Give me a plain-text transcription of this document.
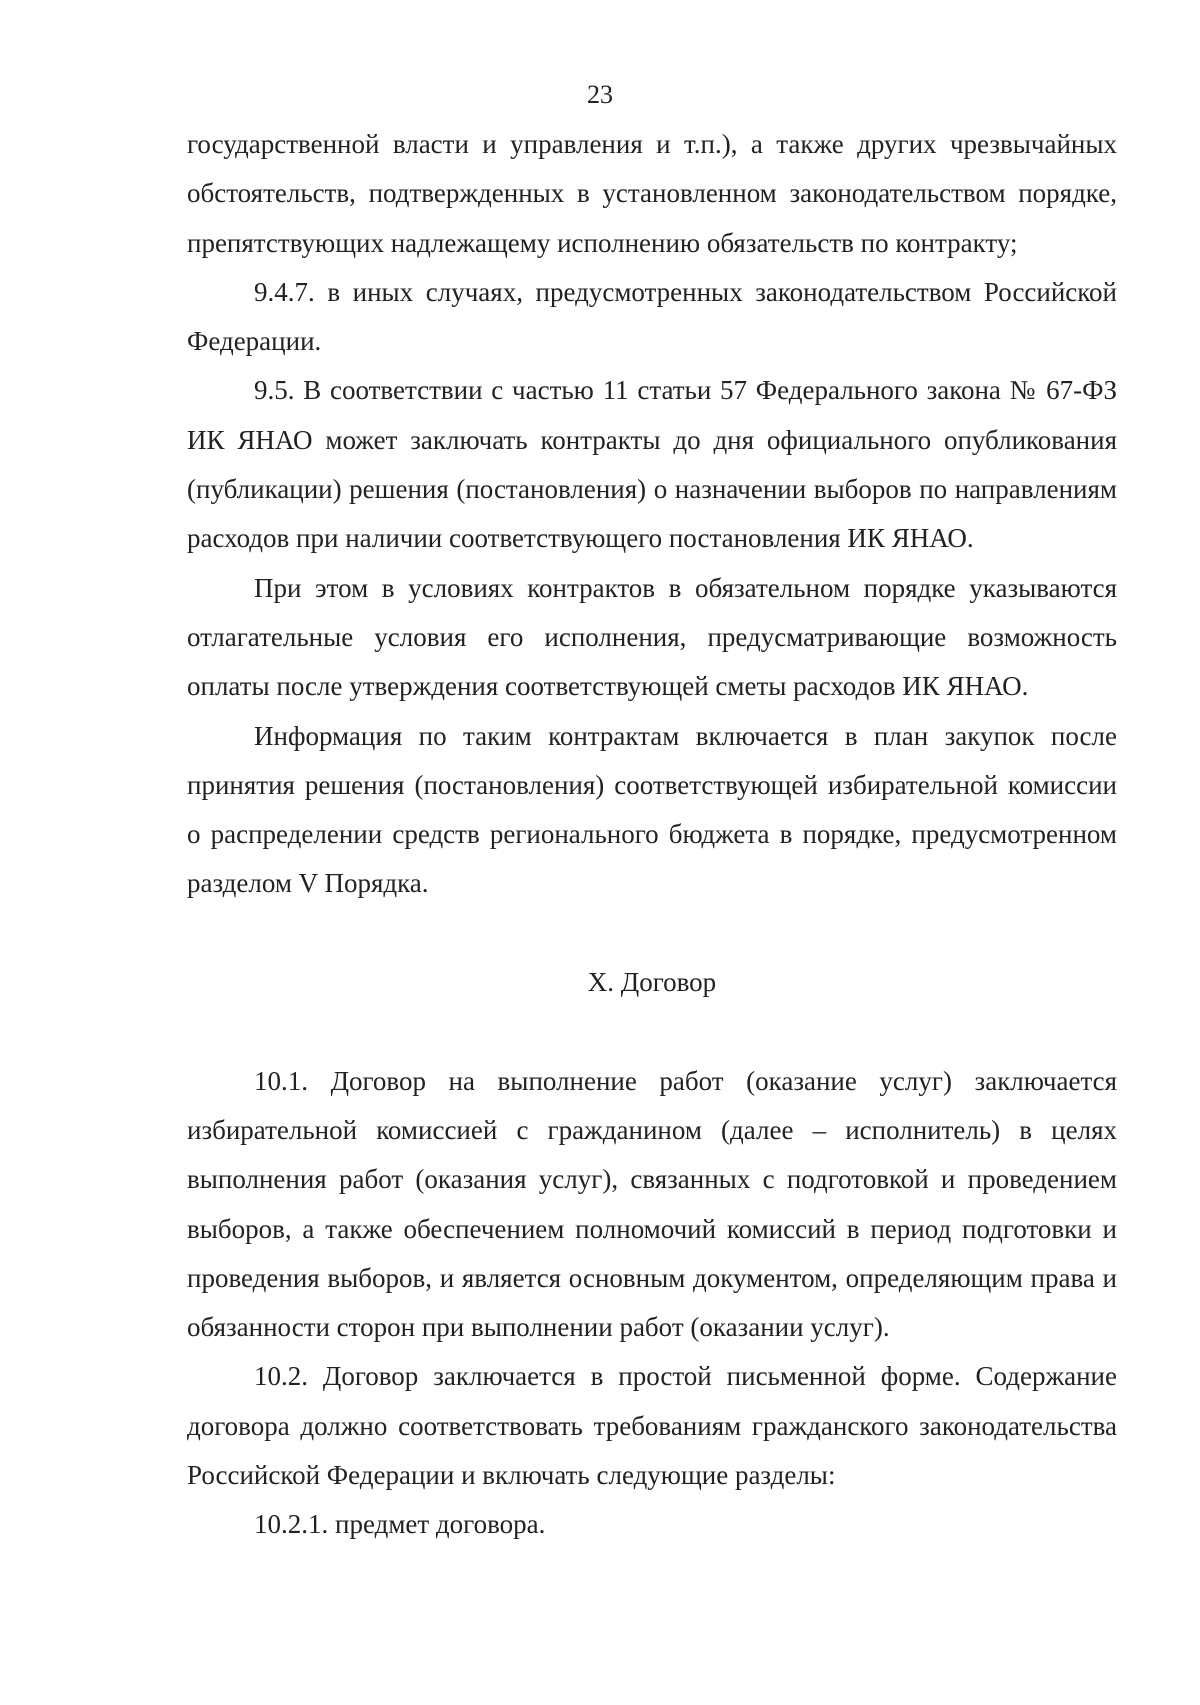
23

государственной власти и управления и т.п.), а также других чрезвычайных обстоятельств, подтвержденных в установленном законодательством порядке, препятствующих надлежащему исполнению обязательств по контракту;

9.4.7. в иных случаях, предусмотренных законодательством Российской Федерации.

9.5. В соответствии с частью 11 статьи 57 Федерального закона № 67-ФЗ ИК ЯНАО может заключать контракты до дня официального опубликования (публикации) решения (постановления) о назначении выборов по направлениям расходов при наличии соответствующего постановления ИК ЯНАО.

При этом в условиях контрактов в обязательном порядке указываются отлагательные условия его исполнения, предусматривающие возможность оплаты после утверждения соответствующей сметы расходов ИК ЯНАО.

Информация по таким контрактам включается в план закупок после принятия решения (постановления) соответствующей избирательной комиссии о распределении средств регионального бюджета в порядке, предусмотренном разделом V Порядка.

X. Договор

10.1. Договор на выполнение работ (оказание услуг) заключается избирательной комиссией с гражданином (далее – исполнитель) в целях выполнения работ (оказания услуг), связанных с подготовкой и проведением выборов, а также обеспечением полномочий комиссий в период подготовки и проведения выборов, и является основным документом, определяющим права и обязанности сторон при выполнении работ (оказании услуг).

10.2. Договор заключается в простой письменной форме. Содержание договора должно соответствовать требованиям гражданского законодательства Российской Федерации и включать следующие разделы:

10.2.1. предмет договора.
